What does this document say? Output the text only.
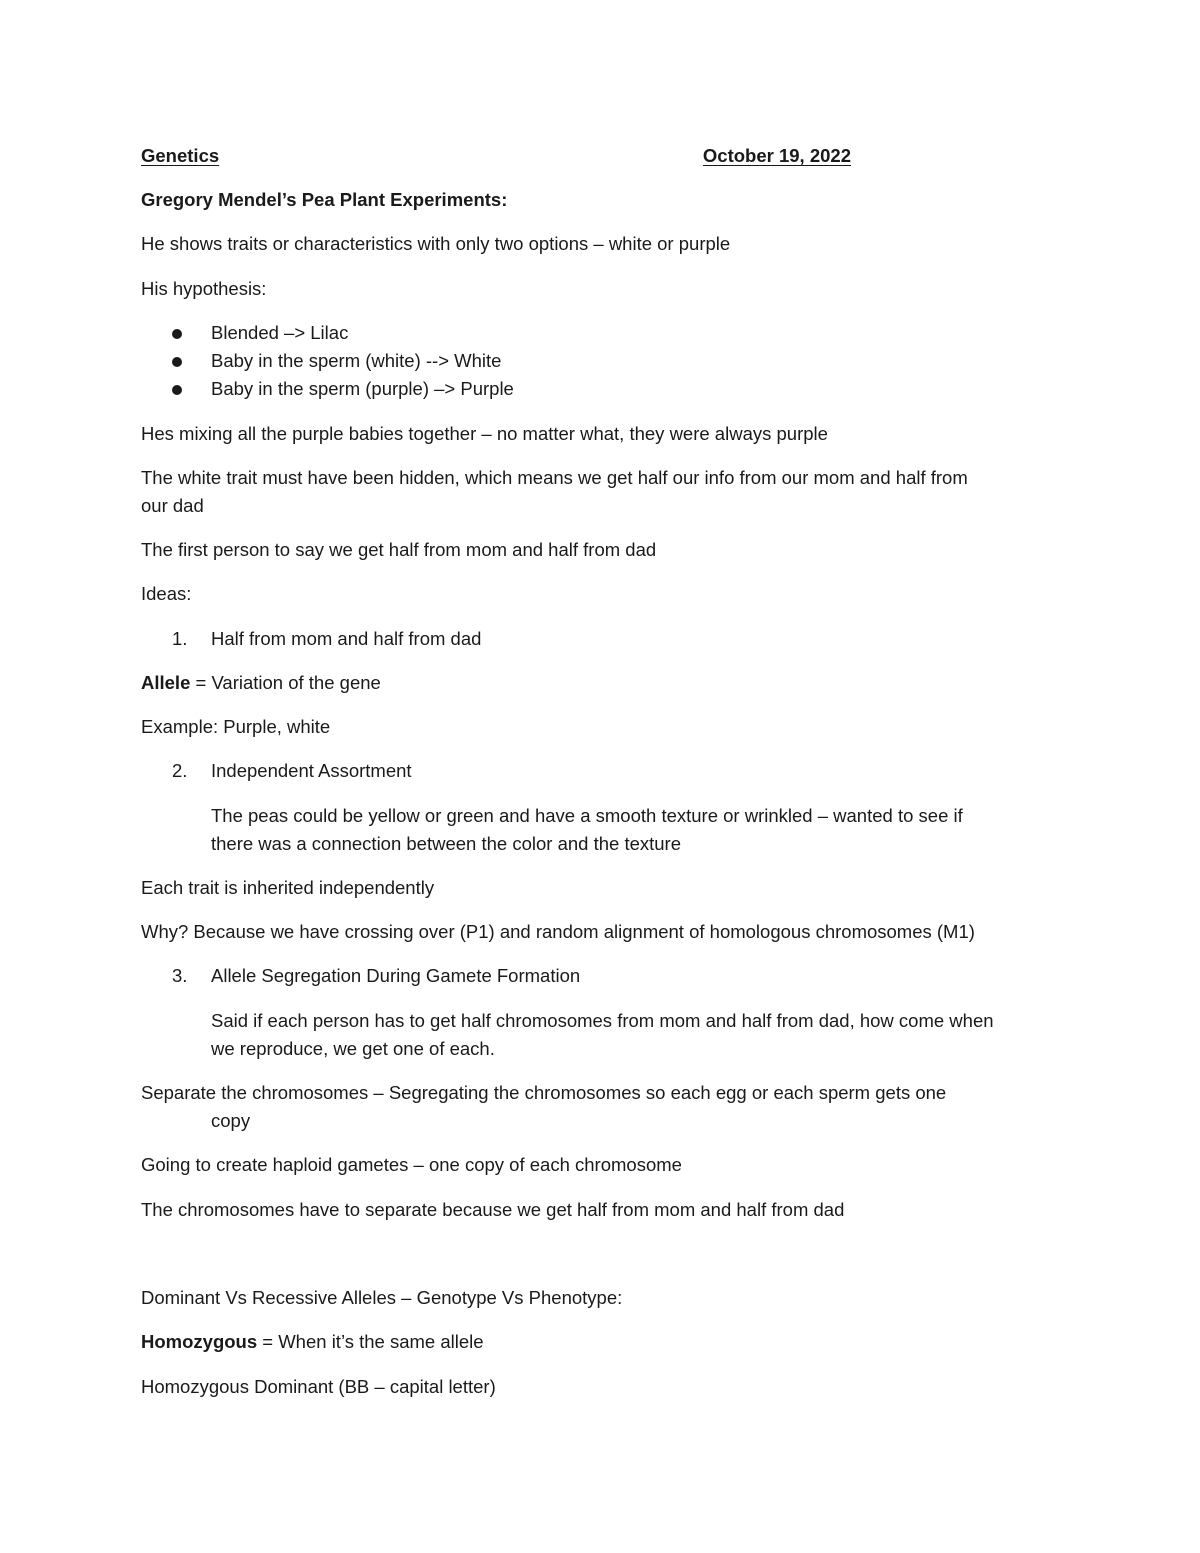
Genetics	October 19, 2022
Gregory Mendel’s Pea Plant Experiments:
He shows traits or characteristics with only two options – white or purple
His hypothesis:
Blended –> Lilac
Baby in the sperm (white) --> White
Baby in the sperm (purple) –> Purple
Hes mixing all the purple babies together – no matter what, they were always purple
The white trait must have been hidden, which means we get half our info from our mom and half from
our dad
The first person to say we get half from mom and half from dad
Ideas:
1. Half from mom and half from dad
Allele = Variation of the gene
Example: Purple, white
2. Independent Assortment
The peas could be yellow or green and have a smooth texture or wrinkled – wanted to see if
there was a connection between the color and the texture
Each trait is inherited independently
Why? Because we have crossing over (P1) and random alignment of homologous chromosomes (M1)
3. Allele Segregation During Gamete Formation
Said if each person has to get half chromosomes from mom and half from dad, how come when
we reproduce, we get one of each.
Separate the chromosomes – Segregating the chromosomes so each egg or each sperm gets one
copy
Going to create haploid gametes – one copy of each chromosome
The chromosomes have to separate because we get half from mom and half from dad
Dominant Vs Recessive Alleles – Genotype Vs Phenotype:
Homozygous = When it’s the same allele
Homozygous Dominant (BB – capital letter)
